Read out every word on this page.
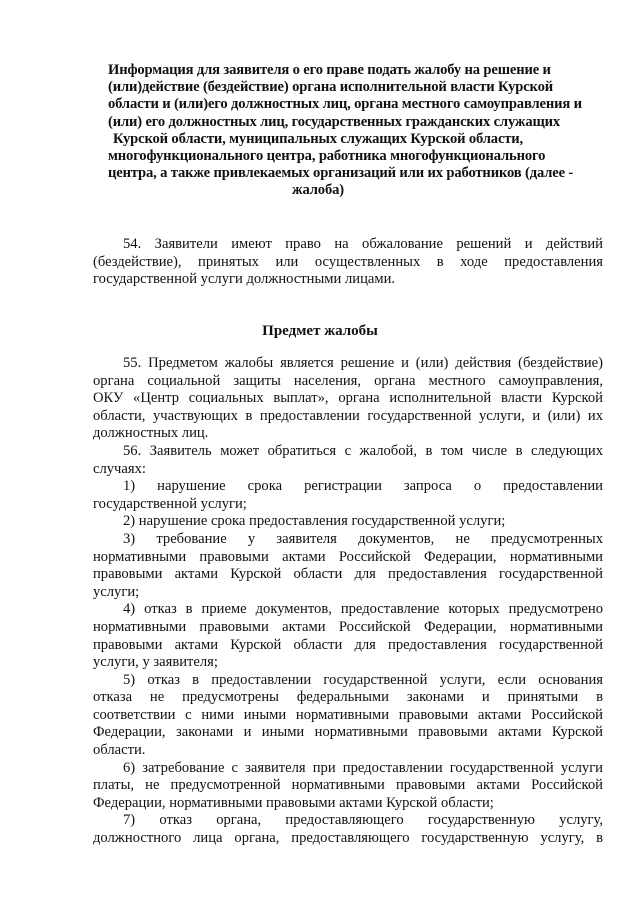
Информация для заявителя о его праве подать жалобу на решение и
(или)действие (бездействие) органа исполнительной власти Курской
области и (или)его должностных лиц, органа местного самоуправления и
(или) его должностных лиц, государственных гражданских служащих
Курской области, муниципальных служащих Курской области,
многофункционального центра, работника многофункционального
центра, а также привлекаемых организаций или их работников (далее -
жалоба)
54. Заявители имеют право на обжалование решений и действий
(бездействие), принятых или осуществленных в ходе предоставления
государственной услуги должностными лицами.
Предмет жалобы
55. Предметом жалобы является решение и (или) действия (бездействие)
органа социальной защиты населения, органа местного самоуправления,
ОКУ «Центр социальных выплат», органа исполнительной власти Курской
области, участвующих в предоставлении государственной услуги, и (или) их
должностных лиц.
56. Заявитель может обратиться с жалобой, в том числе в следующих
случаях:
1) нарушение срока регистрации запроса о предоставлении
государственной услуги;
2) нарушение срока предоставления государственной услуги;
3) требование у заявителя документов, не предусмотренных
нормативными правовыми актами Российской Федерации, нормативными
правовыми актами Курской области для предоставления государственной
услуги;
4) отказ в приеме документов, предоставление которых предусмотрено
нормативными правовыми актами Российской Федерации, нормативными
правовыми актами Курской области для предоставления государственной
услуги, у заявителя;
5) отказ в предоставлении государственной услуги, если основания
отказа не предусмотрены федеральными законами и принятыми в
соответствии с ними иными нормативными правовыми актами Российской
Федерации, законами и иными нормативными правовыми актами Курской
области.
6) затребование с заявителя при предоставлении государственной услуги
платы, не предусмотренной нормативными правовыми актами Российской
Федерации, нормативными правовыми актами Курской области;
7) отказ органа, предоставляющего государственную услугу,
должностного лица органа, предоставляющего государственную услугу, в
